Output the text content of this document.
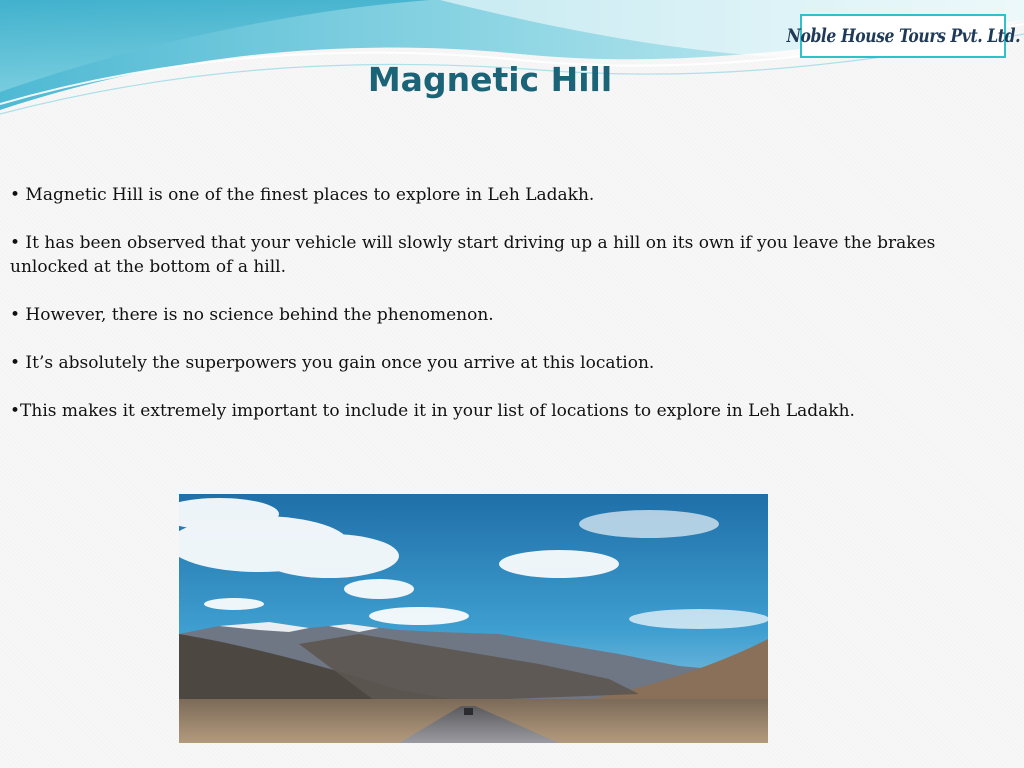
Noble House Tours Pvt. Ltd.
Magnetic Hill

• Magnetic Hill is one of the finest places to explore in Leh Ladakh.

• It has been observed that your vehicle will slowly start driving up a hill on its own if you leave the brakes unlocked at the bottom of a hill.

• However, there is no science behind the phenomenon.

• It’s absolutely the superpowers you gain once you arrive at this location.

•This makes it extremely important to include it in your list of locations to explore in Leh Ladakh.
